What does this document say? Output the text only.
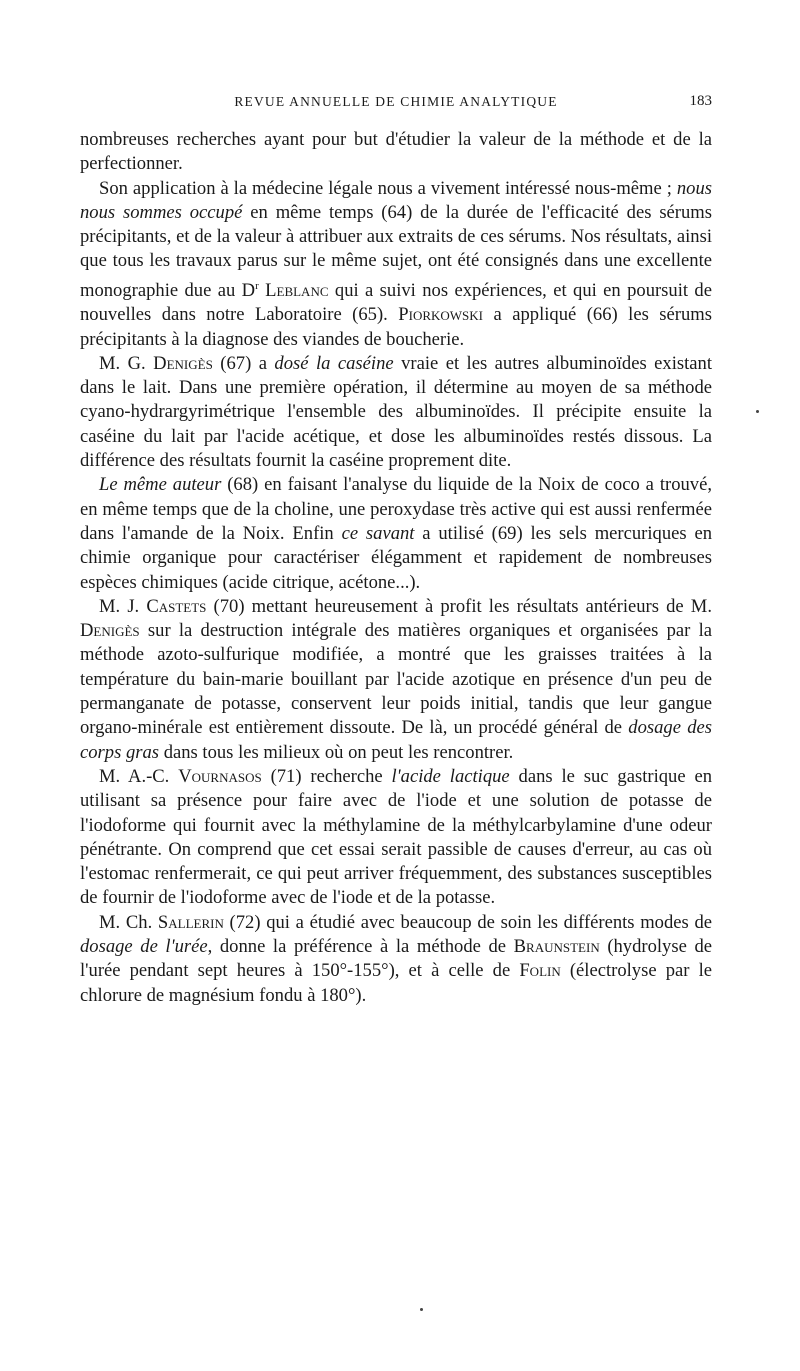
REVUE ANNUELLE DE CHIMIE ANALYTIQUE	183

nombreuses recherches ayant pour but d'étudier la valeur de la méthode et de la perfectionner.

Son application à la médecine légale nous a vivement intéressé nous-même ; nous nous sommes occupé en même temps (64) de la durée de l'efficacité des sérums précipitants, et de la valeur à attribuer aux extraits de ces sérums. Nos résultats, ainsi que tous les travaux parus sur le même sujet, ont été consignés dans une excellente monographie due au $D^r$ Leblanc qui a suivi nos expériences, et qui en poursuit de nouvelles dans notre Laboratoire (65). Piorkowski a appliqué (66) les sérums précipitants à la diagnose des viandes de boucherie.

M. G. Denigès (67) a dosé la caséine vraie et les autres albuminoïdes existant dans le lait. Dans une première opération, il détermine au moyen de sa méthode cyano-hydrargyrimétrique l'ensemble des albuminoïdes. Il précipite ensuite la caséine du lait par l'acide acétique, et dose les albuminoïdes restés dissous. La différence des résultats fournit la caséine proprement dite.

Le même auteur (68) en faisant l'analyse du liquide de la Noix de coco a trouvé, en même temps que de la choline, une peroxydase très active qui est aussi renfermée dans l'amande de la Noix. Enfin ce savant a utilisé (69) les sels mercuriques en chimie organique pour caractériser élégamment et rapidement de nombreuses espèces chimiques (acide citrique, acétone...).

M. J. Castets (70) mettant heureusement à profit les résultats antérieurs de M. Denigès sur la destruction intégrale des matières organiques et organisées par la méthode azoto-sulfurique modifiée, a montré que les graisses traitées à la température du bain-marie bouillant par l'acide azotique en présence d'un peu de permanganate de potasse, conservent leur poids initial, tandis que leur gangue organo-minérale est entièrement dissoute. De là, un procédé général de dosage des corps gras dans tous les milieux où on peut les rencontrer.

M. A.-C. Vournasos (71) recherche l'acide lactique dans le suc gastrique en utilisant sa présence pour faire avec de l'iode et une solution de potasse de l'iodoforme qui fournit avec la méthylamine de la méthylcarbylamine d'une odeur pénétrante. On comprend que cet essai serait passible de causes d'erreur, au cas où l'estomac renfermerait, ce qui peut arriver fréquemment, des substances susceptibles de fournir de l'iodoforme avec de l'iode et de la potasse.

M. Ch. Sallerin (72) qui a étudié avec beaucoup de soin les différents modes de dosage de l'urée, donne la préférence à la méthode de Braunstein (hydrolyse de l'urée pendant sept heures à 150°-155°), et à celle de Folin (électrolyse par le chlorure de magnésium fondu à 180°).
